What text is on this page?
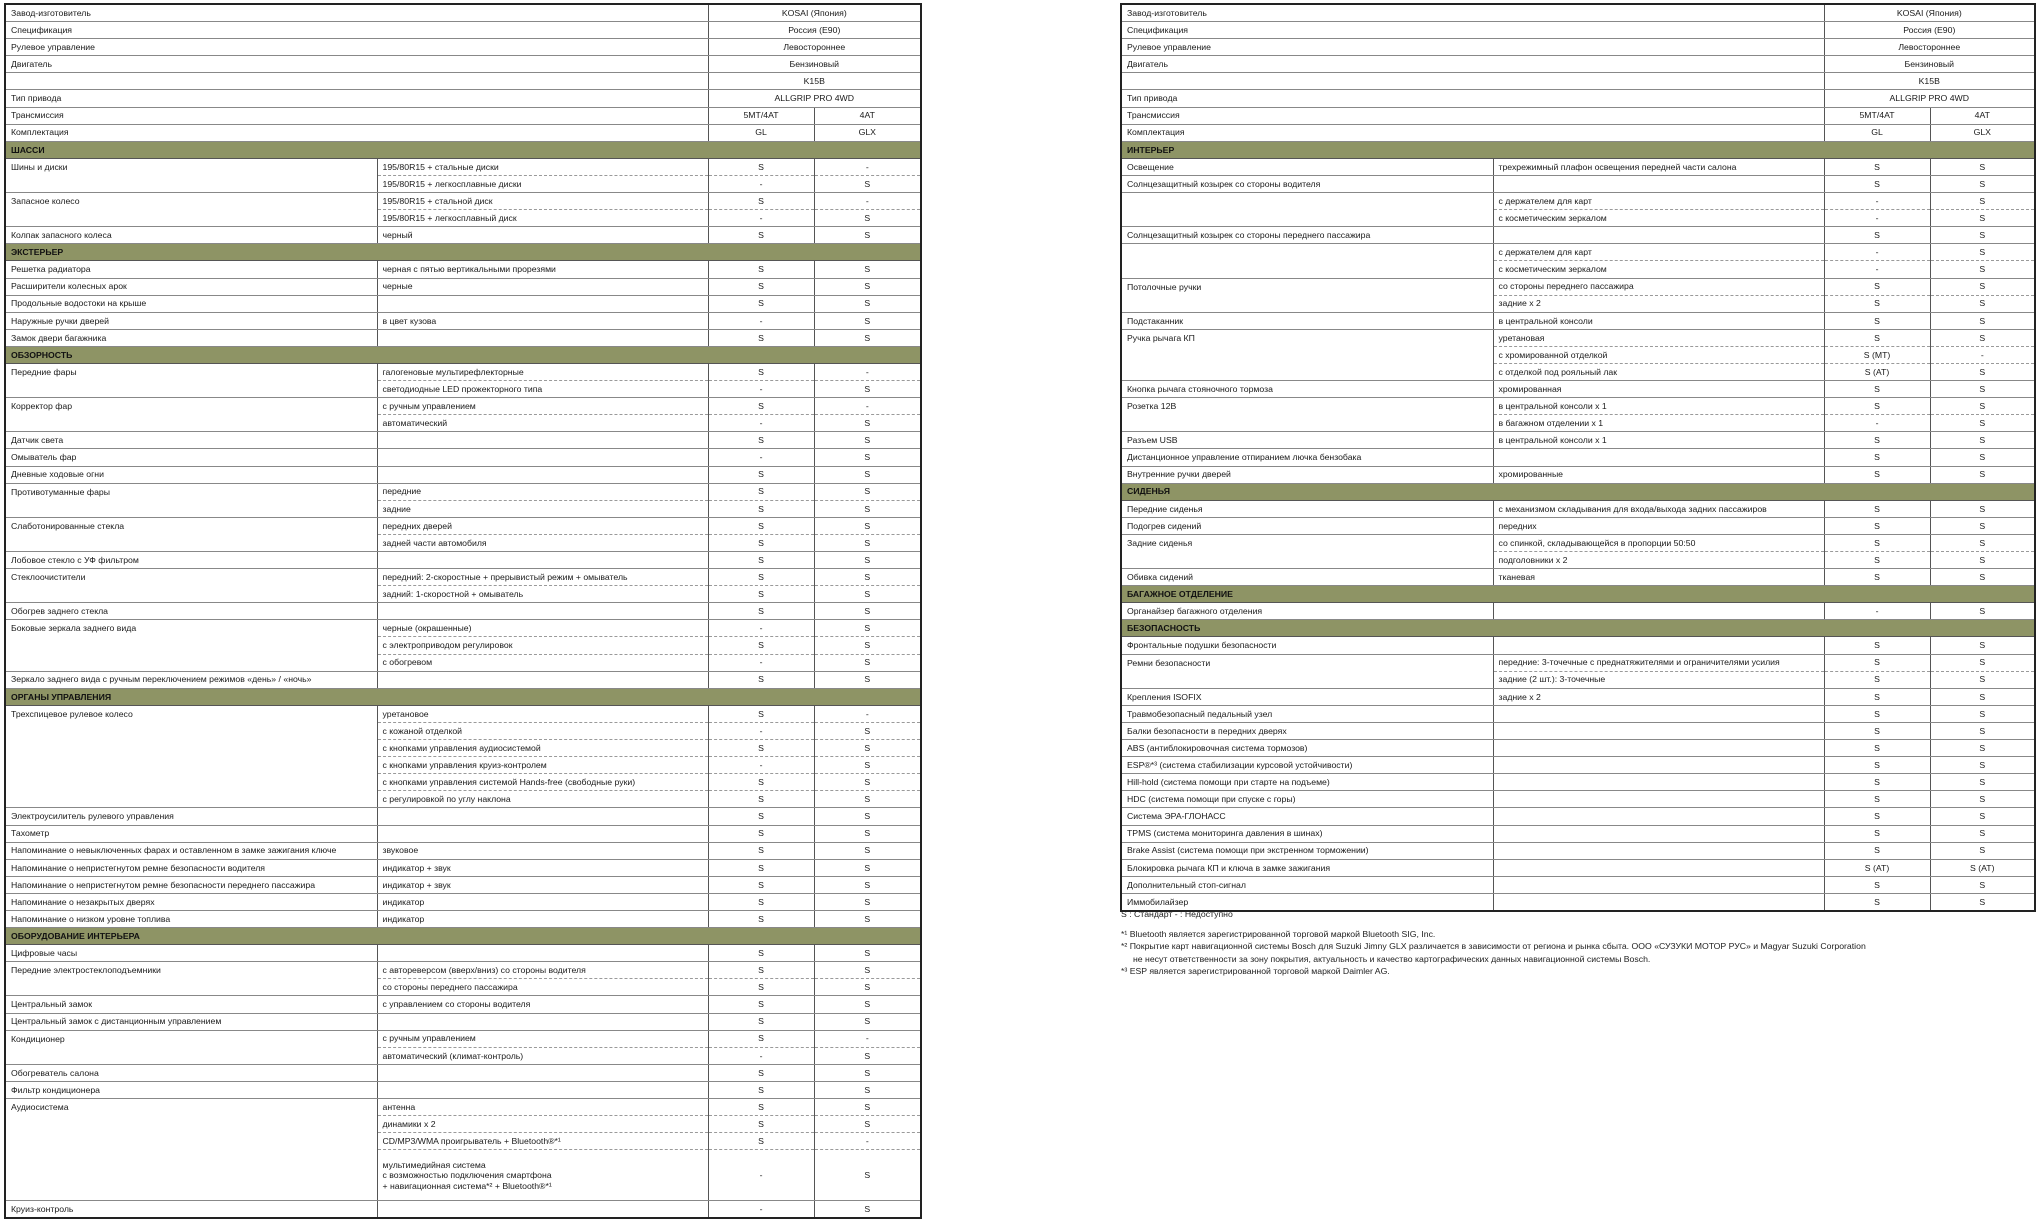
Завод-изготовитель		KOSAI (Япония)	
Спецификация		Россия (E90)	
Рулевое управление		Левостороннее	
Двигатель		Бензиновый	
		K15B	
Тип привода		ALLGRIP PRO 4WD	
Трансмиссия		5MT/4AT	4AT
Комплектация		GL	GLX
ШАССИ			
Шины и диски	195/80R15 + стальные диски	S	-
	195/80R15 + легкосплавные диски	-	S
Запасное колесо	195/80R15 + стальной диск	S	-
	195/80R15 + легкосплавный диск	-	S
Колпак запасного колеса	черный	S	S
ЭКСТЕРЬЕР			
Решетка радиатора	черная с пятью вертикальными прорезями	S	S
Расширители колесных арок	черные	S	S
Продольные водостоки на крыше		S	S
Наружные ручки дверей	в цвет кузова	-	S
Замок двери багажника		S	S
ОБЗОРНОСТЬ			
Передние фары	галогеновые мультирефлекторные	S	-
	светодиодные LED прожекторного типа	-	S
Корректор фар	с ручным управлением	S	-
	автоматический	-	S
Датчик света		S	S
Омыватель фар		-	S
Дневные ходовые огни		S	S
Противотуманные фары	передние	S	S
	задние	S	S
Слаботонированные стекла	передних дверей	S	S
	задней части автомобиля	S	S
Лобовое стекло с УФ фильтром		S	S
Стеклоочистители	передний: 2-скоростные + прерывистый режим + омыватель	S	S
	задний: 1-скоростной + омыватель	S	S
Обогрев заднего стекла		S	S
Боковые зеркала заднего вида	черные (окрашенные)	-	S
	с электроприводом регулировок	S	S
	с обогревом	-	S
Зеркало заднего вида с ручным переключением режимов «день» / «ночь»		S	S
ОРГАНЫ УПРАВЛЕНИЯ			
Трехспицевое рулевое колесо	уретановое	S	-
	с кожаной отделкой	-	S
	с кнопками управления аудиосистемой	S	S
	с кнопками управления круиз-контролем	-	S
	с кнопками управления системой Hands-free (свободные руки)	S	S
	с регулировкой по углу наклона	S	S
Электроусилитель рулевого управления		S	S
Тахометр		S	S
Напоминание о невыключенных фарах и оставленном в замке зажигания ключе	звуковое	S	S
Напоминание о непристегнутом ремне безопасности водителя	индикатор + звук	S	S
Напоминание о непристегнутом ремне безопасности переднего пассажира	индикатор + звук	S	S
Напоминание о незакрытых дверях	индикатор	S	S
Напоминание о низком уровне топлива	индикатор	S	S
ОБОРУДОВАНИЕ ИНТЕРЬЕРА			
Цифровые часы		S	S
Передние электростеклоподъемники	с автореверсом (вверх/вниз) со стороны водителя	S	S
	со стороны переднего пассажира	S	S
Центральный замок	с управлением со стороны водителя	S	S
Центральный замок с дистанционным управлением		S	S
Кондиционер	с ручным управлением	S	-
	автоматический (климат-контроль)	-	S
Обогреватель салона		S	S
Фильтр кондиционера		S	S
Аудиосистема	антенна	S	S
	динамики x 2	S	S
	CD/MP3/WMA проигрыватель + Bluetooth®*¹	S	-

	мультимедийная система
с возможностью подключения смартфона
+ навигационная система*² + Bluetooth®*¹	-	S
Круиз-контроль		-	S
Завод-изготовитель		KOSAI (Япония)	
Спецификация		Россия (E90)	
Рулевое управление		Левостороннее	
Двигатель		Бензиновый	
		K15B	
Тип привода		ALLGRIP PRO 4WD	
Трансмиссия		5MT/4AT	4AT
Комплектация		GL	GLX
ИНТЕРЬЕР			
Освещение	трехрежимный плафон освещения передней части салона	S	S
Солнцезащитный козырек со стороны водителя		S	S
	с держателем для карт	-	S
	с косметическим зеркалом	-	S
Солнцезащитный козырек со стороны переднего пассажира		S	S
	с держателем для карт	-	S
	с косметическим зеркалом	-	S
Потолочные ручки	со стороны переднего пассажира	S	S
	задние x 2	S	S
Подстаканник	в центральной консоли	S	S
Ручка рычага КП	уретановая	S	S
	с хромированной отделкой	S (MT)	-
	с отделкой под рояльный лак	S (AT)	S
Кнопка рычага стояночного тормоза	хромированная	S	S
Розетка 12В	в центральной консоли x 1	S	S
	в багажном отделении x 1	-	S
Разъем USB	в центральной консоли x 1	S	S
Дистанционное управление отпиранием лючка бензобака		S	S
Внутренние ручки дверей	хромированные	S	S
СИДЕНЬЯ			
Передние сиденья	с механизмом складывания для входа/выхода задних пассажиров	S	S
Подогрев сидений	передних	S	S
Задние сиденья	со спинкой, складывающейся в пропорции 50:50	S	S
	подголовники x 2	S	S
Обивка сидений	тканевая	S	S
БАГАЖНОЕ ОТДЕЛЕНИЕ			
Органайзер багажного отделения		-	S
БЕЗОПАСНОСТЬ			
Фронтальные подушки безопасности		S	S
Ремни безопасности	передние: 3-точечные с преднатяжителями и ограничителями усилия	S	S
	задние (2 шт.): 3-точечные	S	S
Крепления ISOFIX	задние x 2	S	S
Травмобезопасный педальный узел		S	S
Балки безопасности в передних дверях		S	S
ABS (антиблокировочная система тормозов)		S	S
ESP®*³ (система стабилизации курсовой устойчивости)		S	S
Hill-hold (система помощи при старте на подъеме)		S	S
HDC (система помощи при спуске с горы)		S	S
Система ЭРА-ГЛОНАСС		S	S
TPMS (система мониторинга давления в шинах)		S	S
Brake Assist (система помощи при экстренном торможении)		S	S
Блокировка рычага КП и ключа в замке зажигания		S (AT)	S (AT)
Дополнительный стоп-сигнал		S	S
Иммобилайзер		S	S
S : Стандарт - : Недоступно
*¹ Bluetooth является зарегистрированной торговой маркой Bluetooth SIG, Inc.
*² Покрытие карт навигационной системы Bosch для Suzuki Jimny GLX различается в зависимости от региона и рынка сбыта. ООО «СУЗУКИ МОТОР РУС» и Magyar Suzuki Corporation
не несут ответственности за зону покрытия, актуальность и качество картографических данных навигационной системы Bosch.
*³ ESP является зарегистрированной торговой маркой Daimler AG.
